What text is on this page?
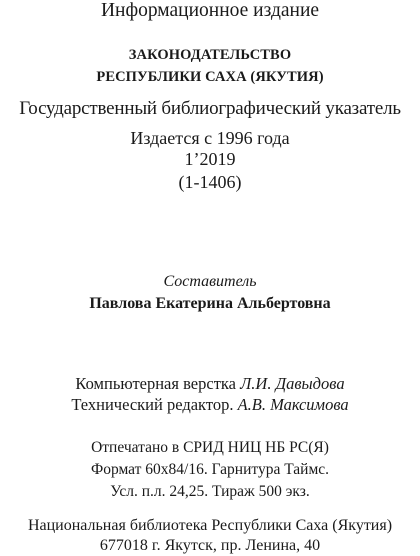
Информационное издание
ЗАКОНОДАТЕЛЬСТВО
РЕСПУБЛИКИ САХА (ЯКУТИЯ)
Государственный библиографический указатель
Издается с 1996 года
1’2019
(1-1406)
Составитель
Павлова Екатерина Альбертовна
Компьютерная верстка Л.И. Давыдова
Технический редактор. А.В. Максимова
Отпечатано в СРИД НИЦ НБ РС(Я)
Формат 60х84/16. Гарнитура Таймс.
Усл. п.л. 24,25. Тираж 500 экз.
Национальная библиотека Республики Саха (Якутия)
677018 г. Якутск, пр. Ленина, 40
